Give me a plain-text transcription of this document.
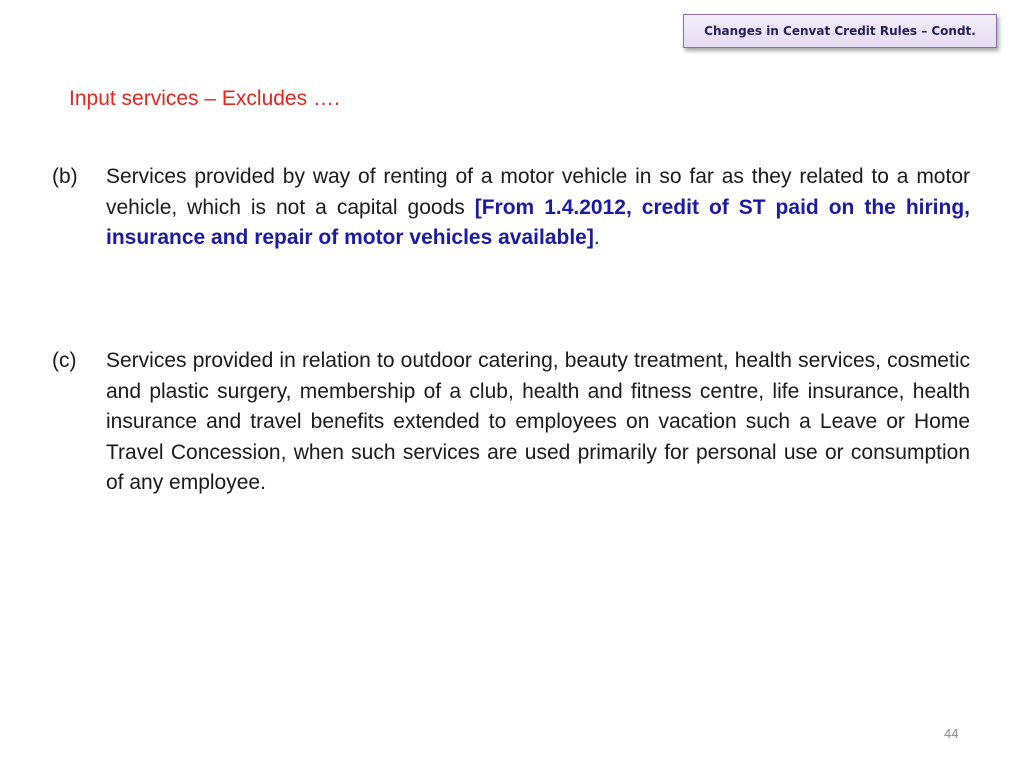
Changes in Cenvat Credit Rules – Condt.
Input services – Excludes ….
(b) Services provided by way of renting of a motor vehicle in so far as they related to a motor vehicle, which is not a capital goods [From 1.4.2012, credit of ST paid on the hiring, insurance and repair of motor vehicles available].
(c) Services provided in relation to outdoor catering, beauty treatment, health services, cosmetic and plastic surgery, membership of a club, health and fitness centre, life insurance, health insurance and travel benefits extended to employees on vacation such a Leave or Home Travel Concession, when such services are used primarily for personal use or consumption of any employee.
44
